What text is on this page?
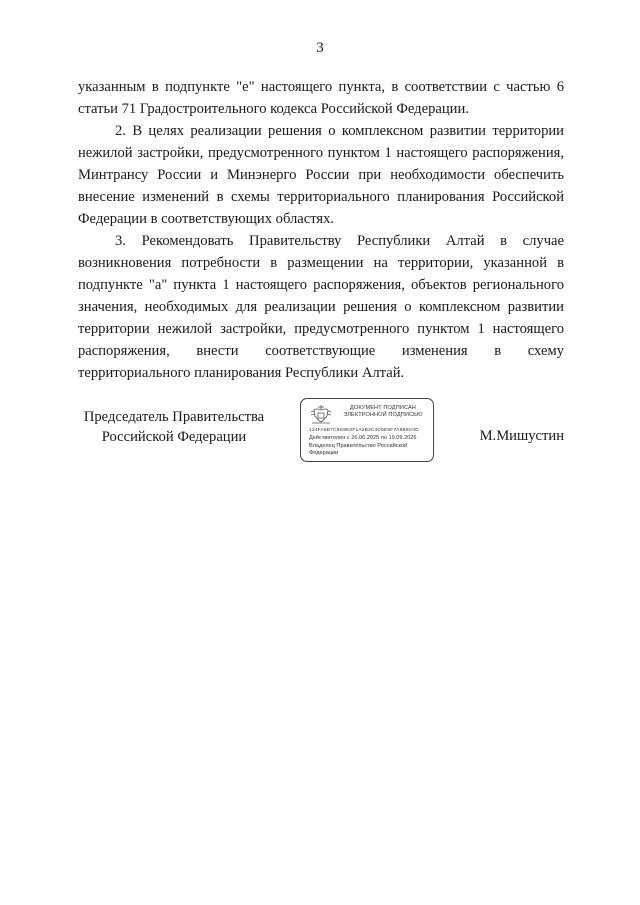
3

указанным в подпункте "е" настоящего пункта, в соответствии с частью 6 статьи 71 Градостроительного кодекса Российской Федерации.

2. В целях реализации решения о комплексном развитии территории нежилой застройки, предусмотренного пунктом 1 настоящего распоряжения, Минтрансу России и Минэнерго России при необходимости обеспечить внесение изменений в схемы территориального планирования Российской Федерации в соответствующих областях.

3. Рекомендовать Правительству Республики Алтай в случае возникновения потребности в размещении на территории, указанной в подпункте "а" пункта 1 настоящего распоряжения, объектов регионального значения, необходимых для реализации решения о комплексном развитии территории нежилой застройки, предусмотренного пунктом 1 настоящего распоряжения, внести соответствующие изменения в схему территориального планирования Республики Алтай.

Председатель Правительства
Российской Федерации
ДОКУМЕНТ ПОДПИСАН
ЭЛЕКТРОННОЙ ПОДПИСЬЮ
124FA6B7C8D9E0F1A2B3C4D5E6F7A8B9C0D
Действителен с 26.06.2025 по 19.09.2026
Владелец Правительство Российской
Федерации
М.Мишустин
